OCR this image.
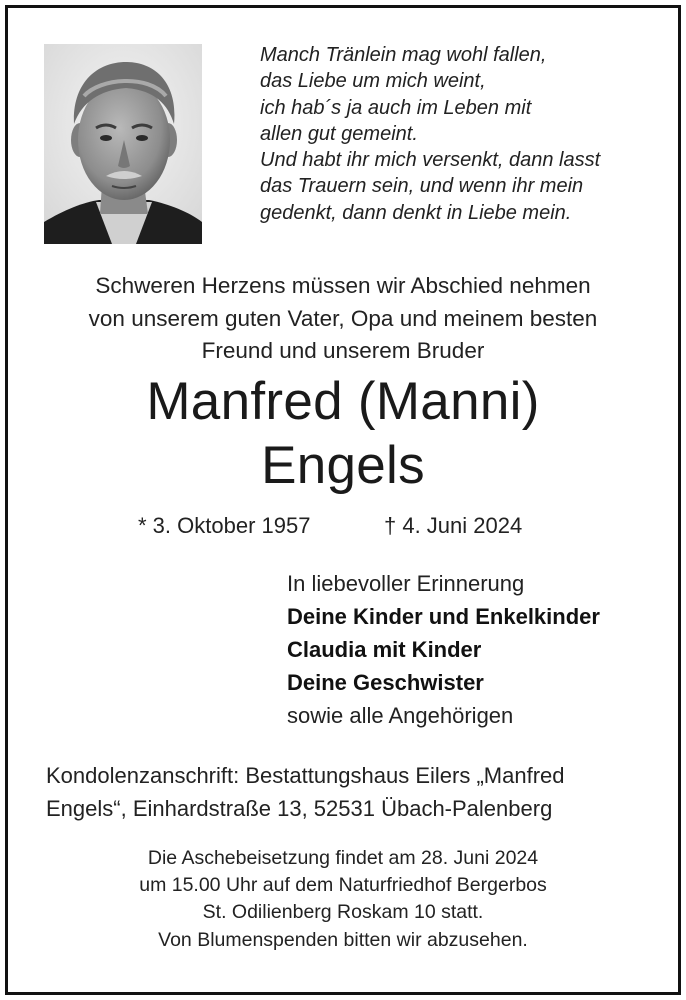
Manch Tränlein mag wohl fallen,
das Liebe um mich weint,
ich hab´s ja auch im Leben mit
allen gut gemeint.
Und habt ihr mich versenkt, dann lasst
das Trauern sein, und wenn ihr mein
gedenkt, dann denkt in Liebe mein.
Schweren Herzens müssen wir Abschied nehmen
von unserem guten Vater, Opa und meinem besten
Freund und unserem Bruder
Manfred (Manni)
Engels
* 3. Oktober 1957	† 4. Juni 2024
In liebevoller Erinnerung
Deine Kinder und Enkelkinder
Claudia mit Kinder
Deine Geschwister
sowie alle Angehörigen
Kondolenzanschrift: Bestattungshaus Eilers „Manfred
Engels“, Einhardstraße 13, 52531 Übach-Palenberg
Die Aschebeisetzung findet am 28. Juni 2024
um 15.00 Uhr auf dem Naturfriedhof Bergerbos
St. Odilienberg Roskam 10 statt.
Von Blumenspenden bitten wir abzusehen.
